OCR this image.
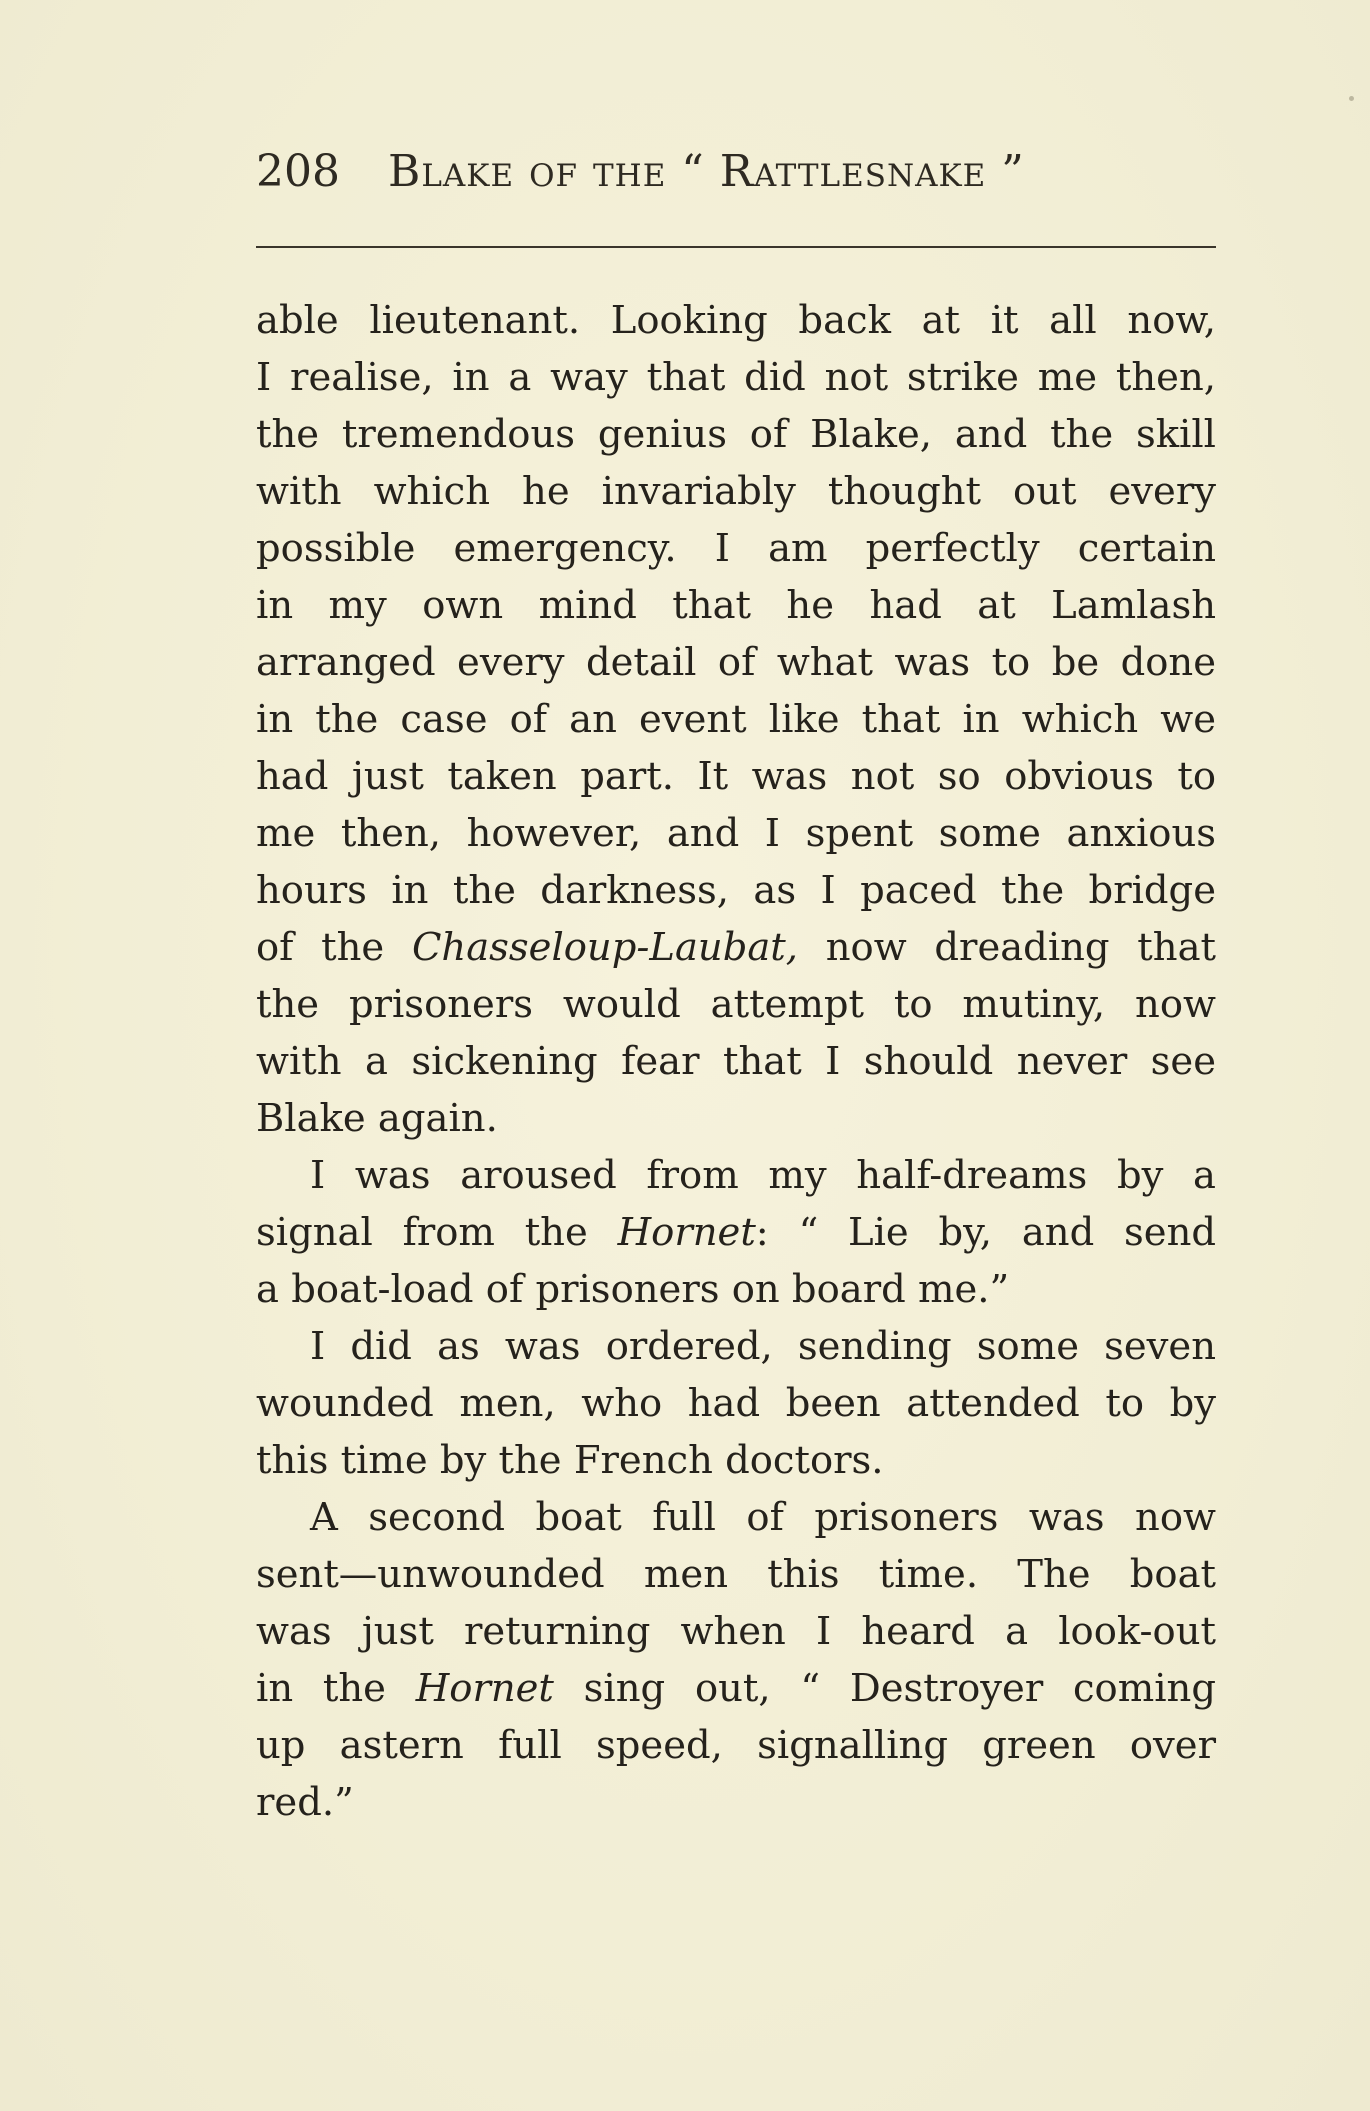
208 Blake of the “ Rattlesnake ”
able lieutenant. Looking back at it all now,
I realise, in a way that did not strike me then,
the tremendous genius of Blake, and the skill
with which he invariably thought out every
possible emergency. I am perfectly certain
in my own mind that he had at Lamlash
arranged every detail of what was to be done
in the case of an event like that in which we
had just taken part. It was not so obvious to
me then, however, and I spent some anxious
hours in the darkness, as I paced the bridge
of the Chasseloup-Laubat, now dreading that
the prisoners would attempt to mutiny, now
with a sickening fear that I should never see
Blake again.
I was aroused from my half-dreams by a
signal from the Hornet: “ Lie by, and send
a boat-load of prisoners on board me.”
I did as was ordered, sending some seven
wounded men, who had been attended to by
this time by the French doctors.
A second boat full of prisoners was now
sent—unwounded men this time. The boat
was just returning when I heard a look-out
in the Hornet sing out, “ Destroyer coming
up astern full speed, signalling green over
red.”
